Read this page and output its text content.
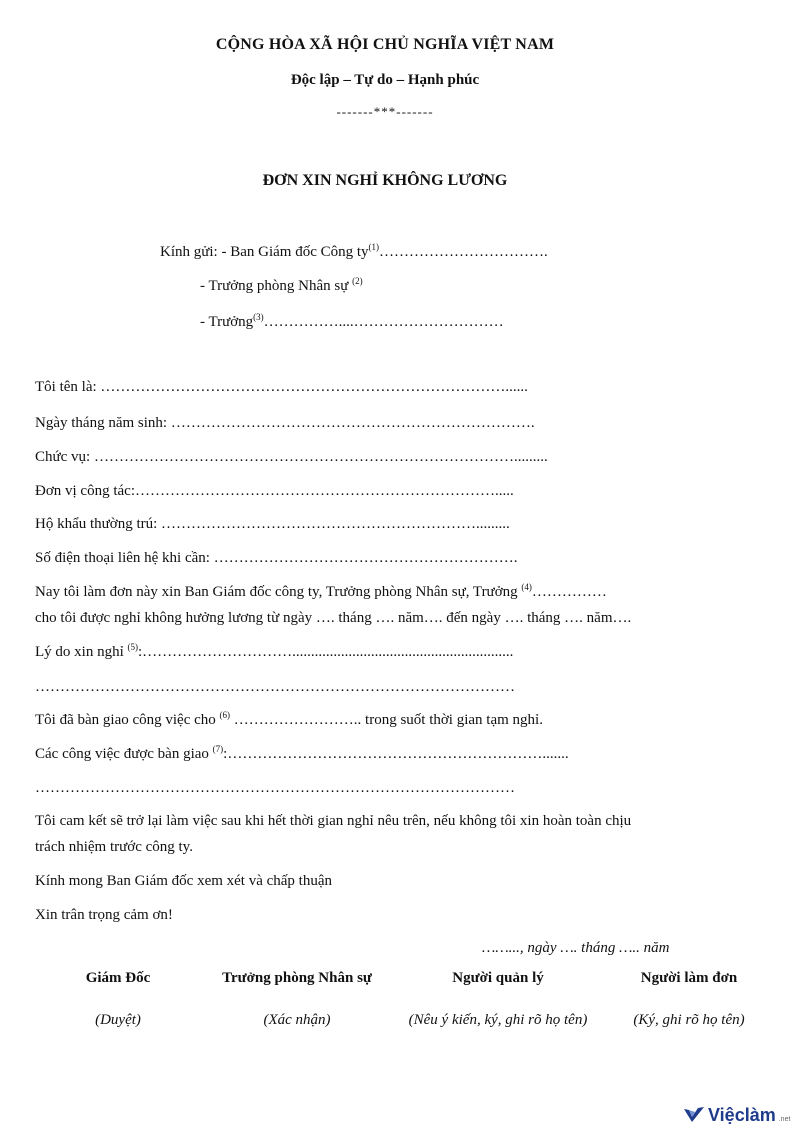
CỘNG HÒA XÃ HỘI CHỦ NGHĨA VIỆT NAM
Độc lập – Tự do – Hạnh phúc
-------***-------
ĐƠN XIN NGHỈ KHÔNG LƯƠNG
Kính gửi: - Ban Giám đốc Công $ty^{(1)}\dots\dots\dots\dots\dots\dots\dots\dots\dots\dots\dots$.
- Trưởng phòng Nhân sự $^{(2)}$
- Trưởng$^{(3)}$……………....…………………………
Tôi tên là: ………………………………………………………………………......
Ngày tháng năm sinh: ……………………………………………………………….
Chức vụ: ………………………………………………………………………….........
Đơn vị công tác:……………………………………………………………….....
Hộ khẩu thường trú: ……………………………………………………….........
Số điện thoại liên hệ khi cần: …………………………………………………….
Nay tôi làm đơn này xin Ban Giám đốc công ty, Trưởng phòng Nhân sự, Trưởng $^{(4)}$……………
cho tôi được nghỉ không hưởng lương từ ngày …. tháng …. năm…. đến ngày …. tháng …. năm….
Lý do xin nghỉ $^{(5)}$:…………………………...........................................................
……………………………………………………………………………………
Tôi đã bàn giao công việc cho $^{(6)}$ …………………….. trong suốt thời gian tạm nghỉ.
Các công việc được bàn giao $^{(7)}$:……………………………………………………….......
……………………………………………………………………………………
Tôi cam kết sẽ trở lại làm việc sau khi hết thời gian nghỉ nêu trên, nếu không tôi xin hoàn toàn chịu
trách nhiệm trước công ty.
Kính mong Ban Giám đốc xem xét và chấp thuận
Xin trân trọng cảm ơn!
……..., ngày …. tháng ….. năm
Giám Đốc
(Duyệt)
Trưởng phòng Nhân sự
(Xác nhận)
Người quản lý
(Nêu ý kiến, ký, ghi rõ họ tên)
Người làm đơn
(Ký, ghi rõ họ tên)
Việclàm .net
